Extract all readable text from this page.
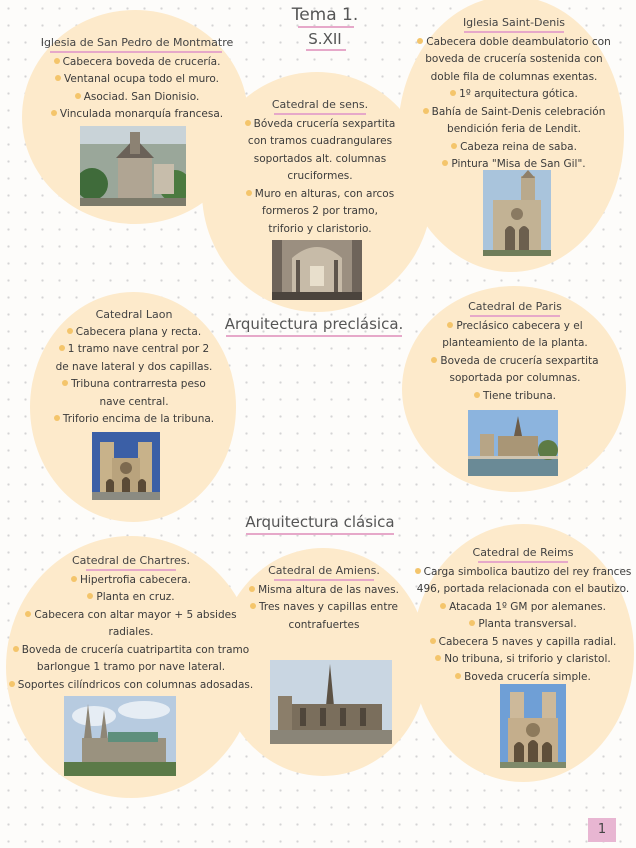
Tema 1.
S.XII
Arquitectura preclásica.
Arquitectura clásica
Iglesia de San Pedro de Montmatre
Cabecera boveda de crucería.
Ventanal ocupa todo el muro.
Asociad. San Dionisio.
Vinculada monarquía francesa.
Catedral de sens.
Bóveda crucería sexpartita
con tramos cuadrangulares
soportados alt. columnas
cruciformes.
Muro en alturas, con arcos
formeros 2 por tramo,
triforio y claristorio.
Iglesia Saint-Denis
Cabecera doble deambulatorio con
boveda de crucería sostenida con
doble fila de columnas exentas.
1º arquitectura gótica.
Bahía de Saint-Denis celebración
bendición feria de Lendit.
Cabeza reina de saba.
Pintura "Misa de San Gil".
Catedral Laon
Cabecera plana y recta.
1 tramo nave central por 2
de nave lateral y dos capillas.
Tribuna contrarresta peso
nave central.
Triforio encima de la tribuna.
Catedral de Paris
Preclásico cabecera y el
planteamiento de la planta.
Boveda de crucería sexpartita
soportada por columnas.
Tiene tribuna.
Catedral de Chartres.
Hipertrofia cabecera.
Planta en cruz.
Cabecera con altar mayor + 5 absides
radiales.
Boveda de crucería cuatripartita con tramo
barlongue 1 tramo por nave lateral.
Soportes cilíndricos con columnas adosadas.
Catedral de Amiens.
Misma altura de las naves.
Tres naves y capillas entre
contrafuertes
Catedral de Reims
Carga simbolica bautizo del rey frances
496, portada relacionada con el bautizo.
Atacada 1º GM por alemanes.
Planta transversal.
Cabecera 5 naves y capilla radial.
No tribuna, si triforio y claristol.
Boveda crucería simple.
1
